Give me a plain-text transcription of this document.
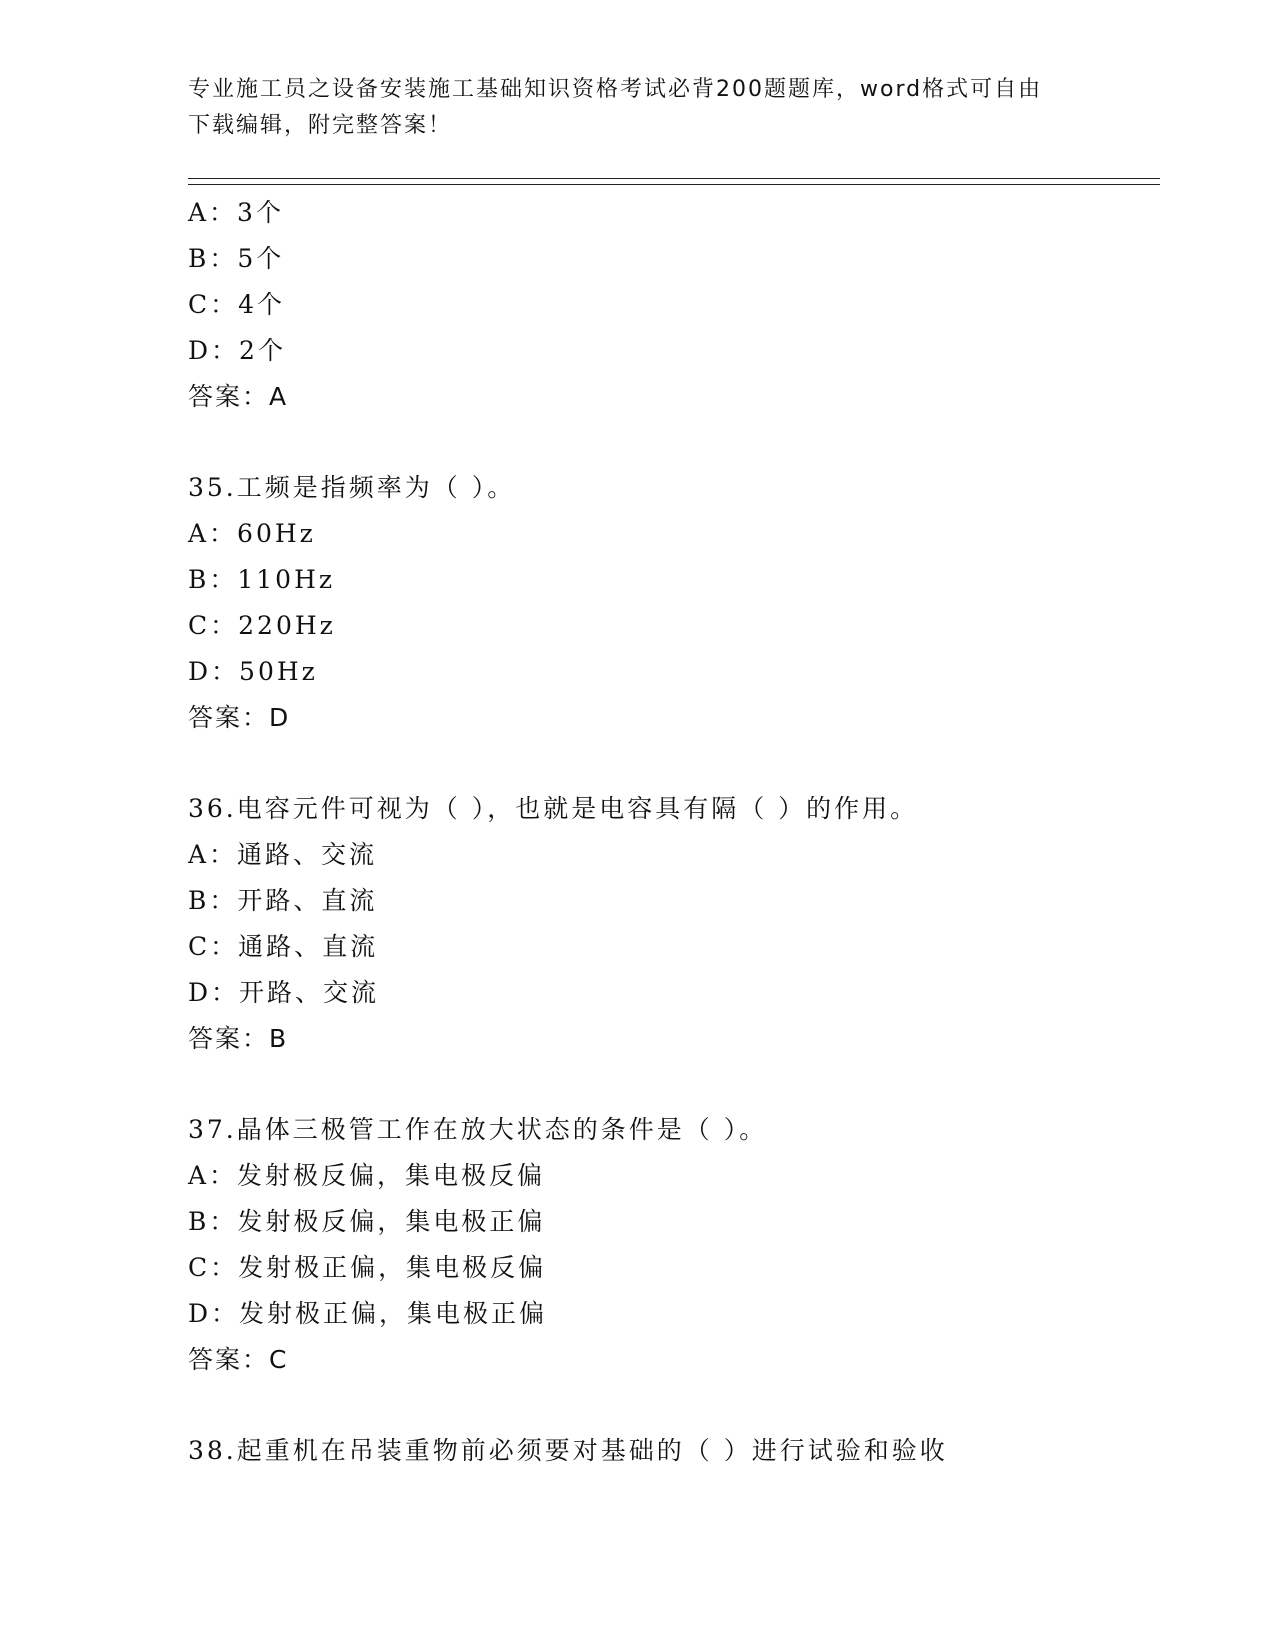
专业施工员之设备安装施工基础知识资格考试必背200题题库，word格式可自由
下载编辑，附完整答案！
A：3个
B：5个
C：4个
D：2个
答案：A
35.工频是指频率为（ ）。
A：60Hz
B：110Hz
C：220Hz
D：50Hz
答案：D
36.电容元件可视为（ ），也就是电容具有隔（ ）的作用。
A：通路、交流
B：开路、直流
C：通路、直流
D：开路、交流
答案：B
37.晶体三极管工作在放大状态的条件是（ ）。
A：发射极反偏，集电极反偏
B：发射极反偏，集电极正偏
C：发射极正偏，集电极反偏
D：发射极正偏，集电极正偏
答案：C
38.起重机在吊装重物前必须要对基础的（ ）进行试验和验收
